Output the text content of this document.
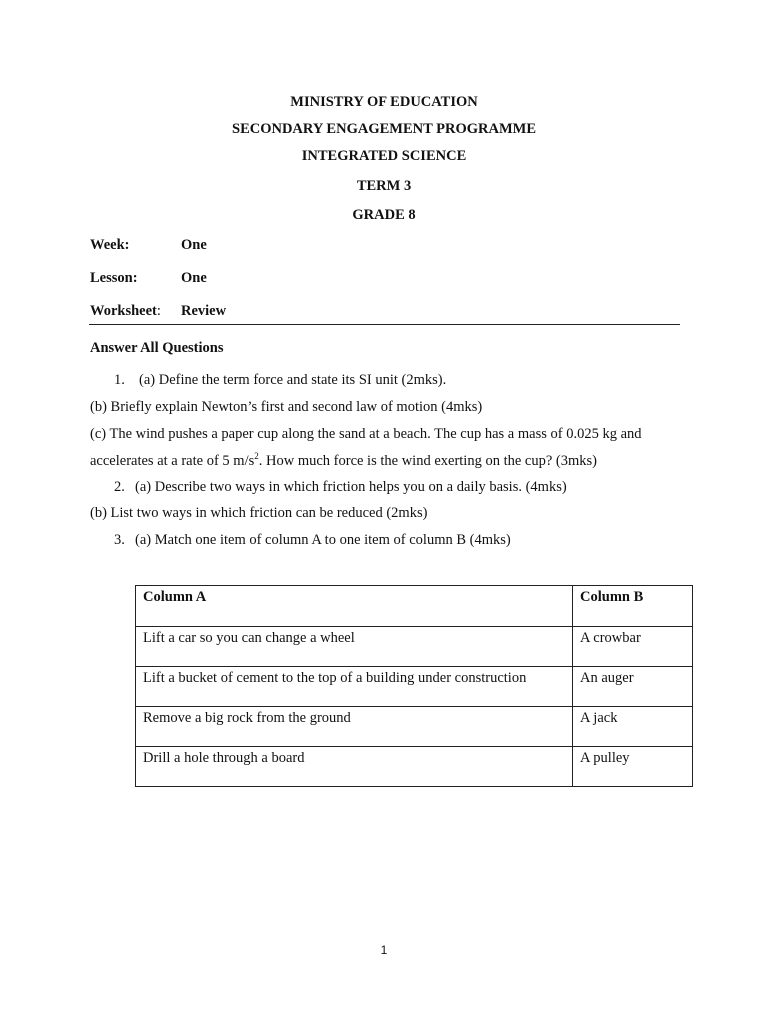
MINISTRY OF EDUCATION
SECONDARY ENGAGEMENT PROGRAMME
INTEGRATED SCIENCE
TERM 3
GRADE 8
Week:	One
Lesson:	One
Worksheet: Review
Answer All Questions
1. (a) Define the term force and state its SI unit (2mks).
(b) Briefly explain Newton’s first and second law of motion (4mks)
(c) The wind pushes a paper cup along the sand at a beach. The cup has a mass of 0.025 kg and
accelerates at a rate of 5 $m/s^2$. How much force is the wind exerting on the cup? (3mks)
2. (a) Describe two ways in which friction helps you on a daily basis. (4mks)
(b) List two ways in which friction can be reduced (2mks)
3. (a) Match one item of column A to one item of column B (4mks)
Column A	Column B
Lift a car so you can change a wheel	A crowbar
Lift a bucket of cement to the top of a building under construction	An auger
Remove a big rock from the ground	A jack
Drill a hole through a board	A pulley
1
